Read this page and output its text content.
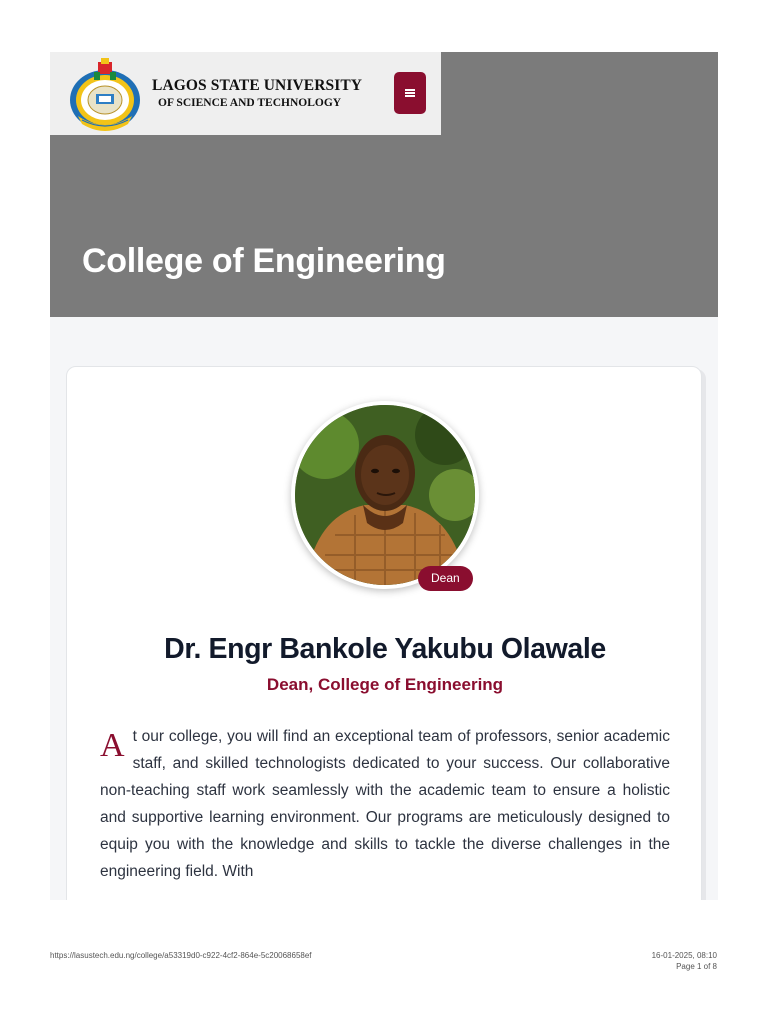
LAGOS STATE UNIVERSITY
OF SCIENCE AND TECHNOLOGY
College of Engineering
Dean
Dr. Engr Bankole Yakubu Olawale
Dean, College of Engineering

At our college, you will find an exceptional team of professors, senior academic staff, and skilled technologists dedicated to your success. Our collaborative non-teaching staff work seamlessly with the academic team to ensure a holistic and supportive learning environment. Our programs are meticulously designed to equip you with the knowledge and skills to tackle the diverse challenges in the engineering field. With

https://lasustech.edu.ng/college/a53319d0-c922-4cf2-864e-5c20068658ef	16-01-2025, 08:10
Page 1 of 8
